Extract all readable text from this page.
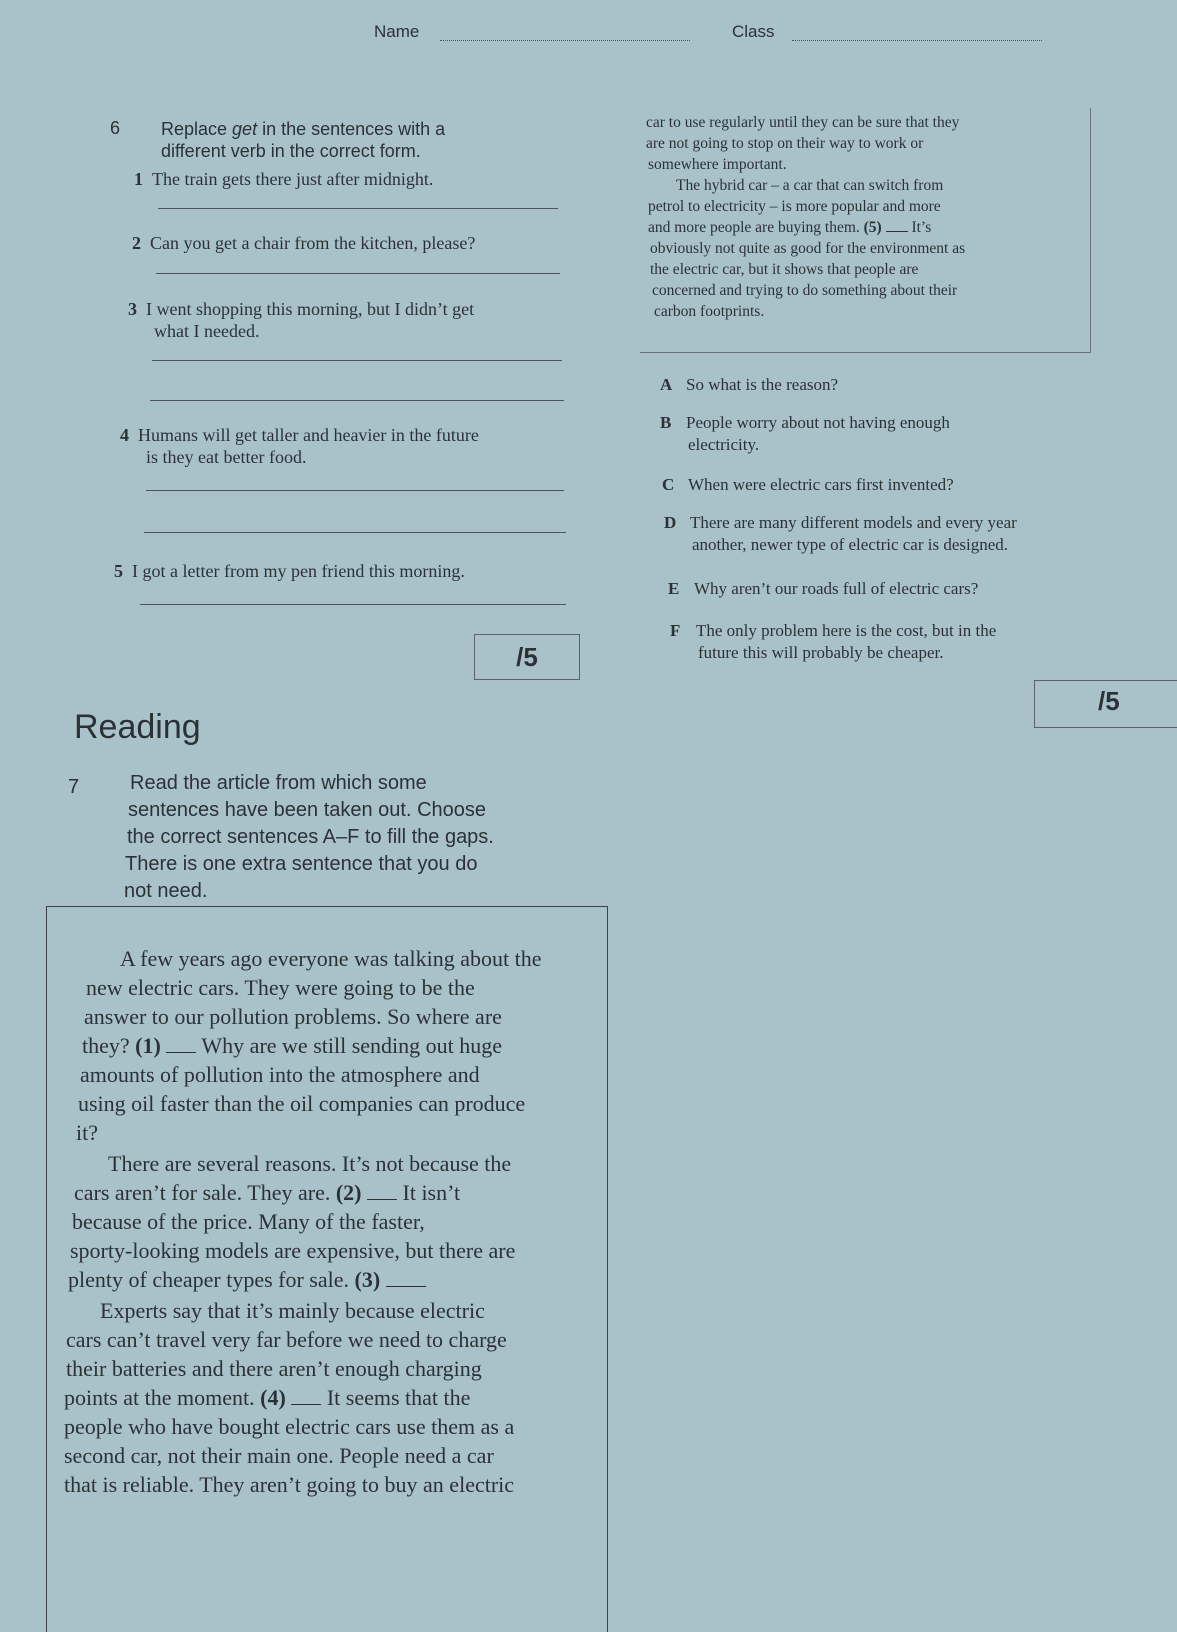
Name	Class
6 Replace get in the sentences with a
different verb in the correct form.
1 The train gets there just after midnight.
2 Can you get a chair from the kitchen, please?
3 I went shopping this morning, but I didn’t get
what I needed.
4 Humans will get taller and heavier in the future
is they eat better food.
5 I got a letter from my pen friend this morning.
/5
Reading
7	Read the article from which some
sentences have been taken out. Choose
the correct sentences A–F to fill the gaps.
There is one extra sentence that you do
not need.

A few years ago everyone was talking about the

new electric cars. They were going to be the

answer to our pollution problems. So where are

they? (1)  Why are we still sending out huge

amounts of pollution into the atmosphere and

using oil faster than the oil companies can produce

it?

There are several reasons. It’s not because the

cars aren’t for sale. They are. (2)  It isn’t

because of the price. Many of the faster,

sporty-looking models are expensive, but there are

plenty of cheaper types for sale. (3)

Experts say that it’s mainly because electric

cars can’t travel very far before we need to charge

their batteries and there aren’t enough charging

points at the moment. (4)  It seems that the

people who have bought electric cars use them as a

second car, not their main one. People need a car

that is reliable. They aren’t going to buy an electric

car to use regularly until they can be sure that they
are not going to stop on their way to work or
somewhere important.
The hybrid car – a car that can switch from
petrol to electricity – is more popular and more
and more people are buying them. (5)  It’s
obviously not quite as good for the environment as
the electric car, but it shows that people are
concerned and trying to do something about their
carbon footprints.
A So what is the reason?
B People worry about not having enough
electricity.
C When were electric cars first invented?
D There are many different models and every year
another, newer type of electric car is designed.
E Why aren’t our roads full of electric cars?
F The only problem here is the cost, but in the
future this will probably be cheaper.
/5
